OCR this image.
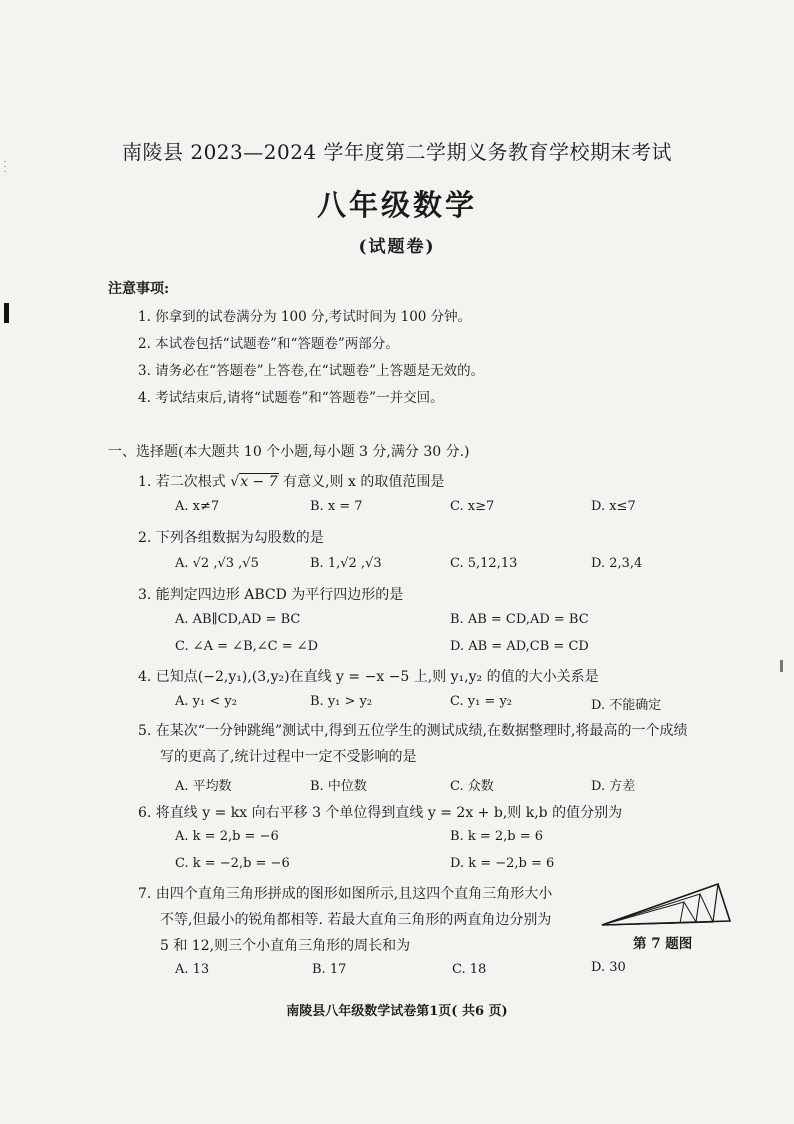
· · ·
南陵县 2023—2024 学年度第二学期义务教育学校期末考试
八年级数学
(试题卷)
注意事项:
1. 你拿到的试卷满分为 100 分,考试时间为 100 分钟。
2. 本试卷包括“试题卷”和“答题卷”两部分。
3. 请务必在“答题卷”上答卷,在“试题卷”上答题是无效的。
4. 考试结束后,请将“试题卷”和“答题卷”一并交回。
一、选择题(本大题共 10 个小题,每小题 3 分,满分 30 分.)
1. 若二次根式 √x − 7 有意义,则 x 的取值范围是
A. x≠7	B. x = 7	C. x≥7	D. x≤7
2. 下列各组数据为勾股数的是
A. √2 ,√3 ,√5	B. 1,√2 ,√3	C. 5,12,13	D. 2,3,4
3. 能判定四边形 ABCD 为平行四边形的是
A. AB∥CD,AD = BC	B. AB = CD,AD = BC
C. ∠A = ∠B,∠C = ∠D	D. AB = AD,CB = CD
4. 已知点(−2,y₁),(3,y₂)在直线 y = −x −5 上,则 y₁,y₂ 的值的大小关系是
A. y₁ < y₂	B. y₁ > y₂	C. y₁ = y₂	D. 不能确定
5. 在某次“一分钟跳绳”测试中,得到五位学生的测试成绩,在数据整理时,将最高的一个成绩
写的更高了,统计过程中一定不受影响的是
A. 平均数	B. 中位数	C. 众数	D. 方差
6. 将直线 y = kx 向右平移 3 个单位得到直线 y = 2x + b,则 k,b 的值分别为
A. k = 2,b = −6	B. k = 2,b = 6
C. k = −2,b = −6	D. k = −2,b = 6
7. 由四个直角三角形拼成的图形如图所示,且这四个直角三角形大小
不等,但最小的锐角都相等. 若最大直角三角形的两直角边分别为
5 和 12,则三个小直角三角形的周长和为
A. 13	B. 17	C. 18	D. 30
第 7 题图
南陵县八年级数学试卷第1页( 共6 页)
